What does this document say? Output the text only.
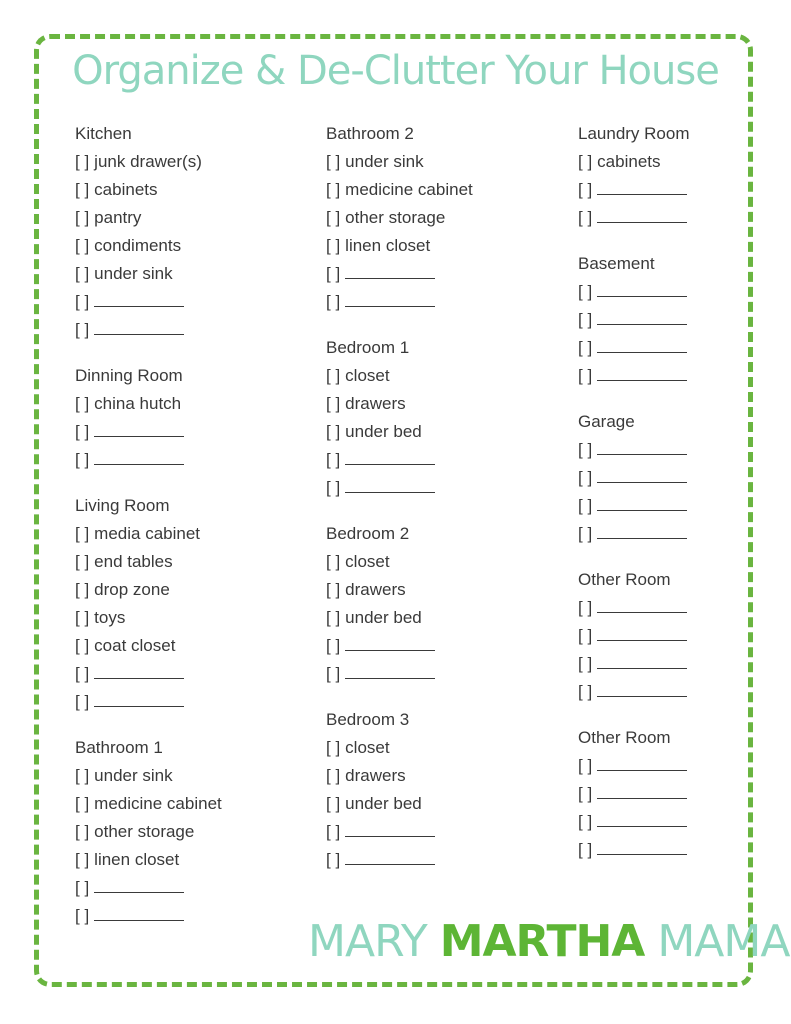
Organize & De-Clutter Your House
Kitchen
[ ] junk drawer(s)
[ ] cabinets
[ ] pantry
[ ] condiments
[ ] under sink
[ ]
[ ]
Dinning Room
[ ] china hutch
[ ]
[ ]
Living Room
[ ] media cabinet
[ ] end tables
[ ] drop zone
[ ] toys
[ ] coat closet
[ ]
[ ]
Bathroom 1
[ ] under sink
[ ] medicine cabinet
[ ] other storage
[ ] linen closet
[ ]
[ ]
Bathroom 2
[ ] under sink
[ ] medicine cabinet
[ ] other storage
[ ] linen closet
[ ]
[ ]
Bedroom 1
[ ] closet
[ ] drawers
[ ] under bed
[ ]
[ ]
Bedroom 2
[ ] closet
[ ] drawers
[ ] under bed
[ ]
[ ]
Bedroom 3
[ ] closet
[ ] drawers
[ ] under bed
[ ]
[ ]
Laundry Room
[ ] cabinets
[ ]
[ ]
Basement
[ ]
[ ]
[ ]
[ ]
Garage
[ ]
[ ]
[ ]
[ ]
Other Room
[ ]
[ ]
[ ]
[ ]
Other Room
[ ]
[ ]
[ ]
[ ]
MARY MARTHA MAMA
